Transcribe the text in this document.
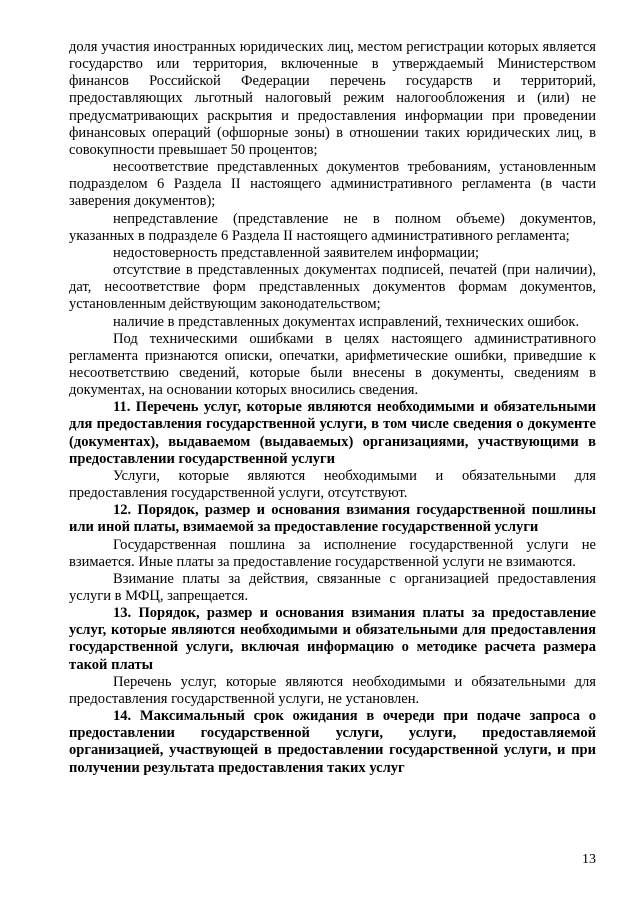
доля участия иностранных юридических лиц, местом регистрации которых является государство или территория, включенные в утверждаемый Министерством финансов Российской Федерации перечень государств и территорий, предоставляющих льготный налоговый режим налогообложения и (или) не предусматривающих раскрытия и предоставления информации при проведении финансовых операций (офшорные зоны) в отношении таких юридических лиц, в совокупности превышает 50 процентов;

несоответствие представленных документов требованиям, установленным подразделом 6 Раздела II настоящего административного регламента (в части заверения документов);

непредставление (представление не в полном объеме) документов, указанных в подразделе 6 Раздела II настоящего административного регламента;

недостоверность представленной заявителем информации;

отсутствие в представленных документах подписей, печатей (при наличии), дат, несоответствие форм представленных документов формам документов, установленным действующим законодательством;

наличие в представленных документах исправлений, технических ошибок.

Под техническими ошибками в целях настоящего административного регламента признаются описки, опечатки, арифметические ошибки, приведшие к несоответствию сведений, которые были внесены в документы, сведениям в документах, на основании которых вносились сведения.

11. Перечень услуг, которые являются необходимыми и обязательными для предоставления государственной услуги, в том числе сведения о документе (документах), выдаваемом (выдаваемых) организациями, участвующими в предоставлении государственной услуги

Услуги, которые являются необходимыми и обязательными для предоставления государственной услуги, отсутствуют.

12. Порядок, размер и основания взимания государственной пошлины или иной платы, взимаемой за предоставление государственной услуги

Государственная пошлина за исполнение государственной услуги не взимается. Иные платы за предоставление государственной услуги не взимаются.

Взимание платы за действия, связанные с организацией предоставления услуги в МФЦ, запрещается.

13. Порядок, размер и основания взимания платы за предоставление услуг, которые являются необходимыми и обязательными для предоставления государственной услуги, включая информацию о методике расчета размера такой платы

Перечень услуг, которые являются необходимыми и обязательными для предоставления государственной услуги, не установлен.

14. Максимальный срок ожидания в очереди при подаче запроса о предоставлении государственной услуги, услуги, предоставляемой организацией, участвующей в предоставлении государственной услуги, и при получении результата предоставления таких услуг

13
